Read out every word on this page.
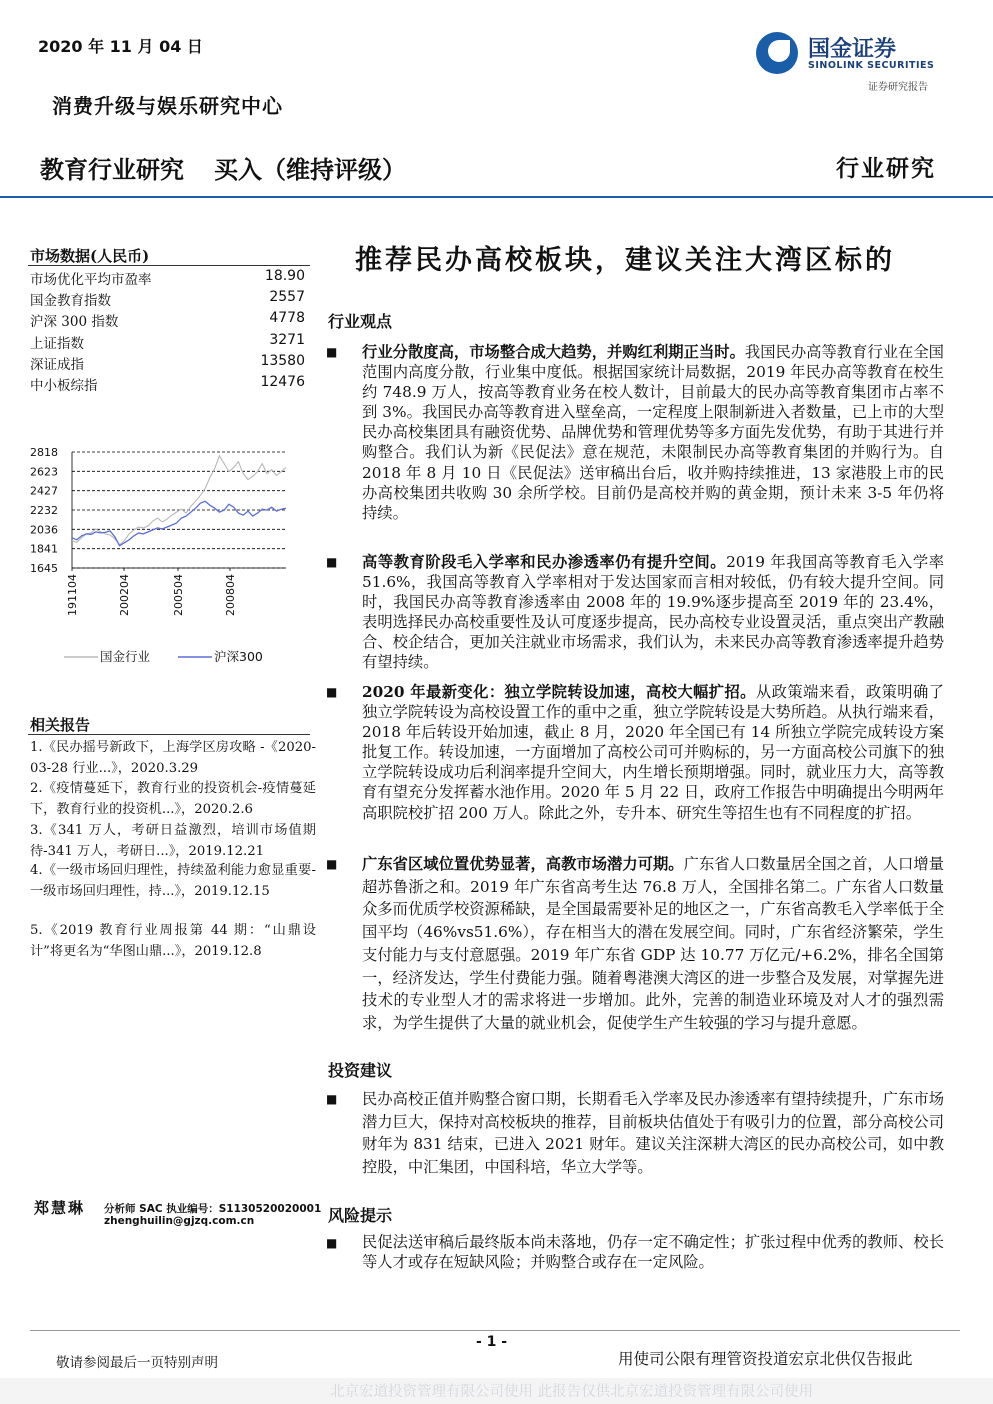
2020 年 11 月 04 日
消费升级与娱乐研究中心
国金证券
SINOLINK SECURITIES
证券研究报告
教育行业研究 买入（维持评级）	行业研究
市场数据(人民币)
市场优化平均市盈率	18.90
国金教育指数	2557
沪深 300 指数	4778
上证指数	3271
深证成指	13580
中小板综指	12476
2818
2623
2427
2232
2036
1841
1645
191104	200204	200504	200804
国金行业	沪深300
相关报告
1.《民办摇号新政下，上海学区房攻略 -《2020-03-28 行业...》，2020.3.29
2.《疫情蔓延下，教育行业的投资机会-疫情蔓延下，教育行业的投资机...》，2020.2.6
3.《341 万人，考研日益激烈，培训市场值期待-341 万人，考研日...》，2019.12.21
4.《一级市场回归理性，持续盈利能力愈显重要-一级市场回归理性，持...》，2019.12.15
5.《2019 教育行业周报第 44 期：“山鼎设计”将更名为“华图山鼎...》，2019.12.8
郑慧琳 分析师 SAC 执业编号：S1130520020001
zhenghuilin@gjzq.com.cn
推荐民办高校板块，建议关注大湾区标的
行业观点
■ 行业分散度高，市场整合成大趋势，并购红利期正当时。我国民办高等教育行业在全国范围内高度分散，行业集中度低。根据国家统计局数据，2019 年民办高等教育在校生约 748.9 万人，按高等教育业务在校人数计，目前最大的民办高等教育集团市占率不到 3%。我国民办高等教育进入壁垒高，一定程度上限制新进入者数量，已上市的大型民办高校集团具有融资优势、品牌优势和管理优势等多方面先发优势，有助于其进行并购整合。我们认为新《民促法》意在规范，未限制民办高等教育集团的并购行为。自 2018 年 8 月 10 日《民促法》送审稿出台后，收并购持续推进，13 家港股上市的民办高校集团共收购 30 余所学校。目前仍是高校并购的黄金期，预计未来 3-5 年仍将持续。
■ 高等教育阶段毛入学率和民办渗透率仍有提升空间。2019 年我国高等教育毛入学率 51.6%，我国高等教育入学率相对于发达国家而言相对较低，仍有较大提升空间。同时，我国民办高等教育渗透率由 2008 年的 19.9%逐步提高至 2019 年的 23.4%，表明选择民办高校重要性及认可度逐步提高，民办高校专业设置灵活，重点突出产教融合、校企结合，更加关注就业市场需求，我们认为，未来民办高等教育渗透率提升趋势有望持续。
■ 2020 年最新变化：独立学院转设加速，高校大幅扩招。从政策端来看，政策明确了独立学院转设为高校设置工作的重中之重，独立学院转设是大势所趋。从执行端来看，2018 年后转设开始加速，截止 8 月，2020 年全国已有 14 所独立学院完成转设方案批复工作。转设加速，一方面增加了高校公司可并购标的，另一方面高校公司旗下的独立学院转设成功后利润率提升空间大，内生增长预期增强。同时，就业压力大，高等教育有望充分发挥蓄水池作用。2020 年 5 月 22 日，政府工作报告中明确提出今明两年高职院校扩招 200 万人。除此之外，专升本、研究生等招生也有不同程度的扩招。
■ 广东省区域位置优势显著，高教市场潜力可期。广东省人口数量居全国之首，人口增量超苏鲁浙之和。2019 年广东省高考生达 76.8 万人，全国排名第二。广东省人口数量众多而优质学校资源稀缺，是全国最需要补足的地区之一，广东省高教毛入学率低于全国平均（46%vs51.6%），存在相当大的潜在发展空间。同时，广东省经济繁荣，学生支付能力与支付意愿强。2019 年广东省 GDP 达 10.77 万亿元/+6.2%，排名全国第一，经济发达，学生付费能力强。随着粤港澳大湾区的进一步整合及发展，对掌握先进技术的专业型人才的需求将进一步增加。此外，完善的制造业环境及对人才的强烈需求，为学生提供了大量的就业机会，促使学生产生较强的学习与提升意愿。
投资建议
■ 民办高校正值并购整合窗口期，长期看毛入学率及民办渗透率有望持续提升，广东市场潜力巨大，保持对高校板块的推荐，目前板块估值处于有吸引力的位置，部分高校公司财年为 831 结束，已进入 2021 财年。建议关注深耕大湾区的民办高校公司，如中教控股，中汇集团，中国科培，华立大学等。
风险提示
■ 民促法送审稿后最终版本尚未落地，仍存一定不确定性；扩张过程中优秀的教师、校长等人才或存在短缺风险；并购整合或存在一定风险。
- 1 -
敬请参阅最后一页特别声明	用使司公限有理管资投道宏京北供仅告报此
北京宏道投资管理有限公司使用 此报告仅供北京宏道投资管理有限公司使用
